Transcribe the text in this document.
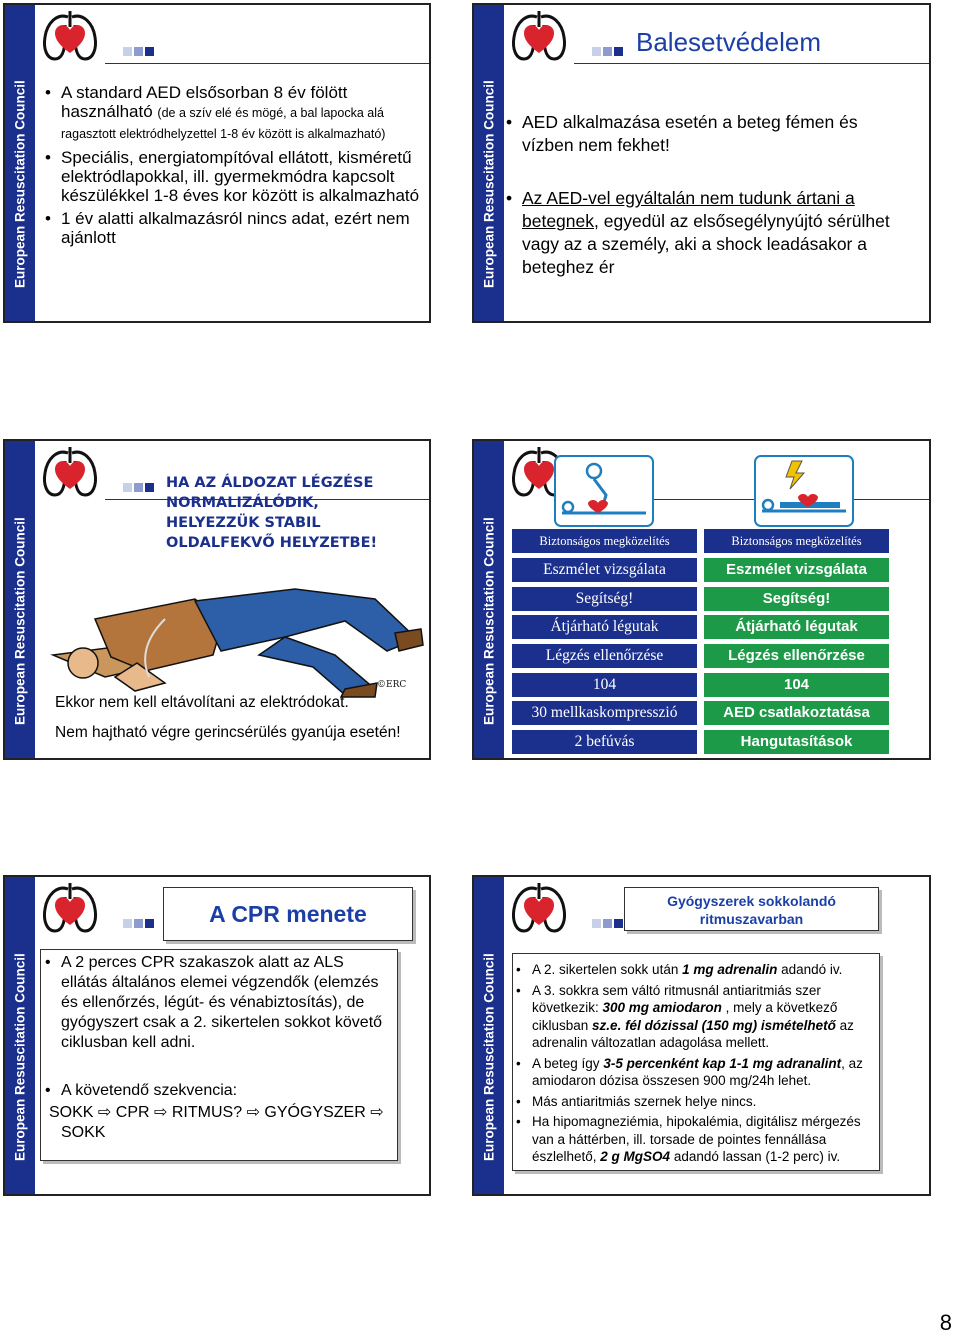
European Resuscitation Council
•	A standard AED elsősorban 8 év fölött használható (de a szív elé és mögé, a bal lapocka alá ragasztott elektródhelyzettel 1-8 év között is alkalmazható)
• Speciális, energiatompítóval ellátott, kisméretű elektródlapokkal, ill. gyermekmódra kapcsolt készülékkel 1-8 éves kor között is alkalmazható
• 1 év alatti alkalmazásról nincs adat, ezért nem ajánlott	European Resuscitation Council
Balesetvédelem
• AED alkalmazása esetén a beteg fémen és vízben nem fekhet!
• Az AED-vel egyáltalán nem tudunk ártani a betegnek, egyedül az elsősegélynyújtó sérülhet vagy az a személy, aki a shock leadásakor a beteghez ér
European Resuscitation Council
HA AZ ÁLDOZAT LÉGZÉSE
NORMALIZÁLÓDIK,
HELYEZZÜK STABIL
OLDALFEKVŐ HELYZETBE!
©ERC
Ekkor nem kell eltávolítani az elektródokat.
Nem hajtható végre gerincsérülés gyanúja esetén!
European Resuscitation Council	Biztonságos megközelítés
Eszmélet vizsgálata
Segítség!
Átjárható légutak
Légzés ellenőrzése
104
30 mellkaskompresszió
2 befúvás
Biztonságos megközelítés
Eszmélet vizsgálata
Segítség!
Átjárható légutak
Légzés ellenőrzése
104
AED csatlakoztatása
Hangutasítások
European Resuscitation Council
A CPR menete
• A 2 perces CPR szakaszok alatt az ALS ellátás általános elemei végzendők (elemzés és ellenőrzés, légút- és vénabiztosítás), de gyógyszert csak a 2. sikertelen sokkot követő ciklusban kell adni.
• A követendő szekvencia:
SOKK ⇨ CPR ⇨ RITMUS? ⇨ GYÓGYSZER ⇨
SOKK	European Resuscitation Council
Gyógyszerek sokkolandó
ritmuszavarban
• A 2. sikertelen sokk után 1 mg adrenalin adandó iv.
• A 3. sokkra sem váltó ritmusnál antiaritmiás szer következik: 300 mg amiodaron , mely a következő ciklusban sz.e. fél dózissal (150 mg) ismételhető az adrenalin változatlan adagolása mellett.
• A beteg így 3-5 percenként kap 1-1 mg adranalint, az amiodaron dózisa összesen 900 mg/24h lehet.
• Más antiaritmiás szernek helye nincs.
• Ha hipomagneziémia, hipokalémia, digitálisz mérgezés van a háttérben, ill. torsade de pointes fennállása észlelhető, 2 g MgSO4 adandó lassan (1-2 perc) iv.
8
